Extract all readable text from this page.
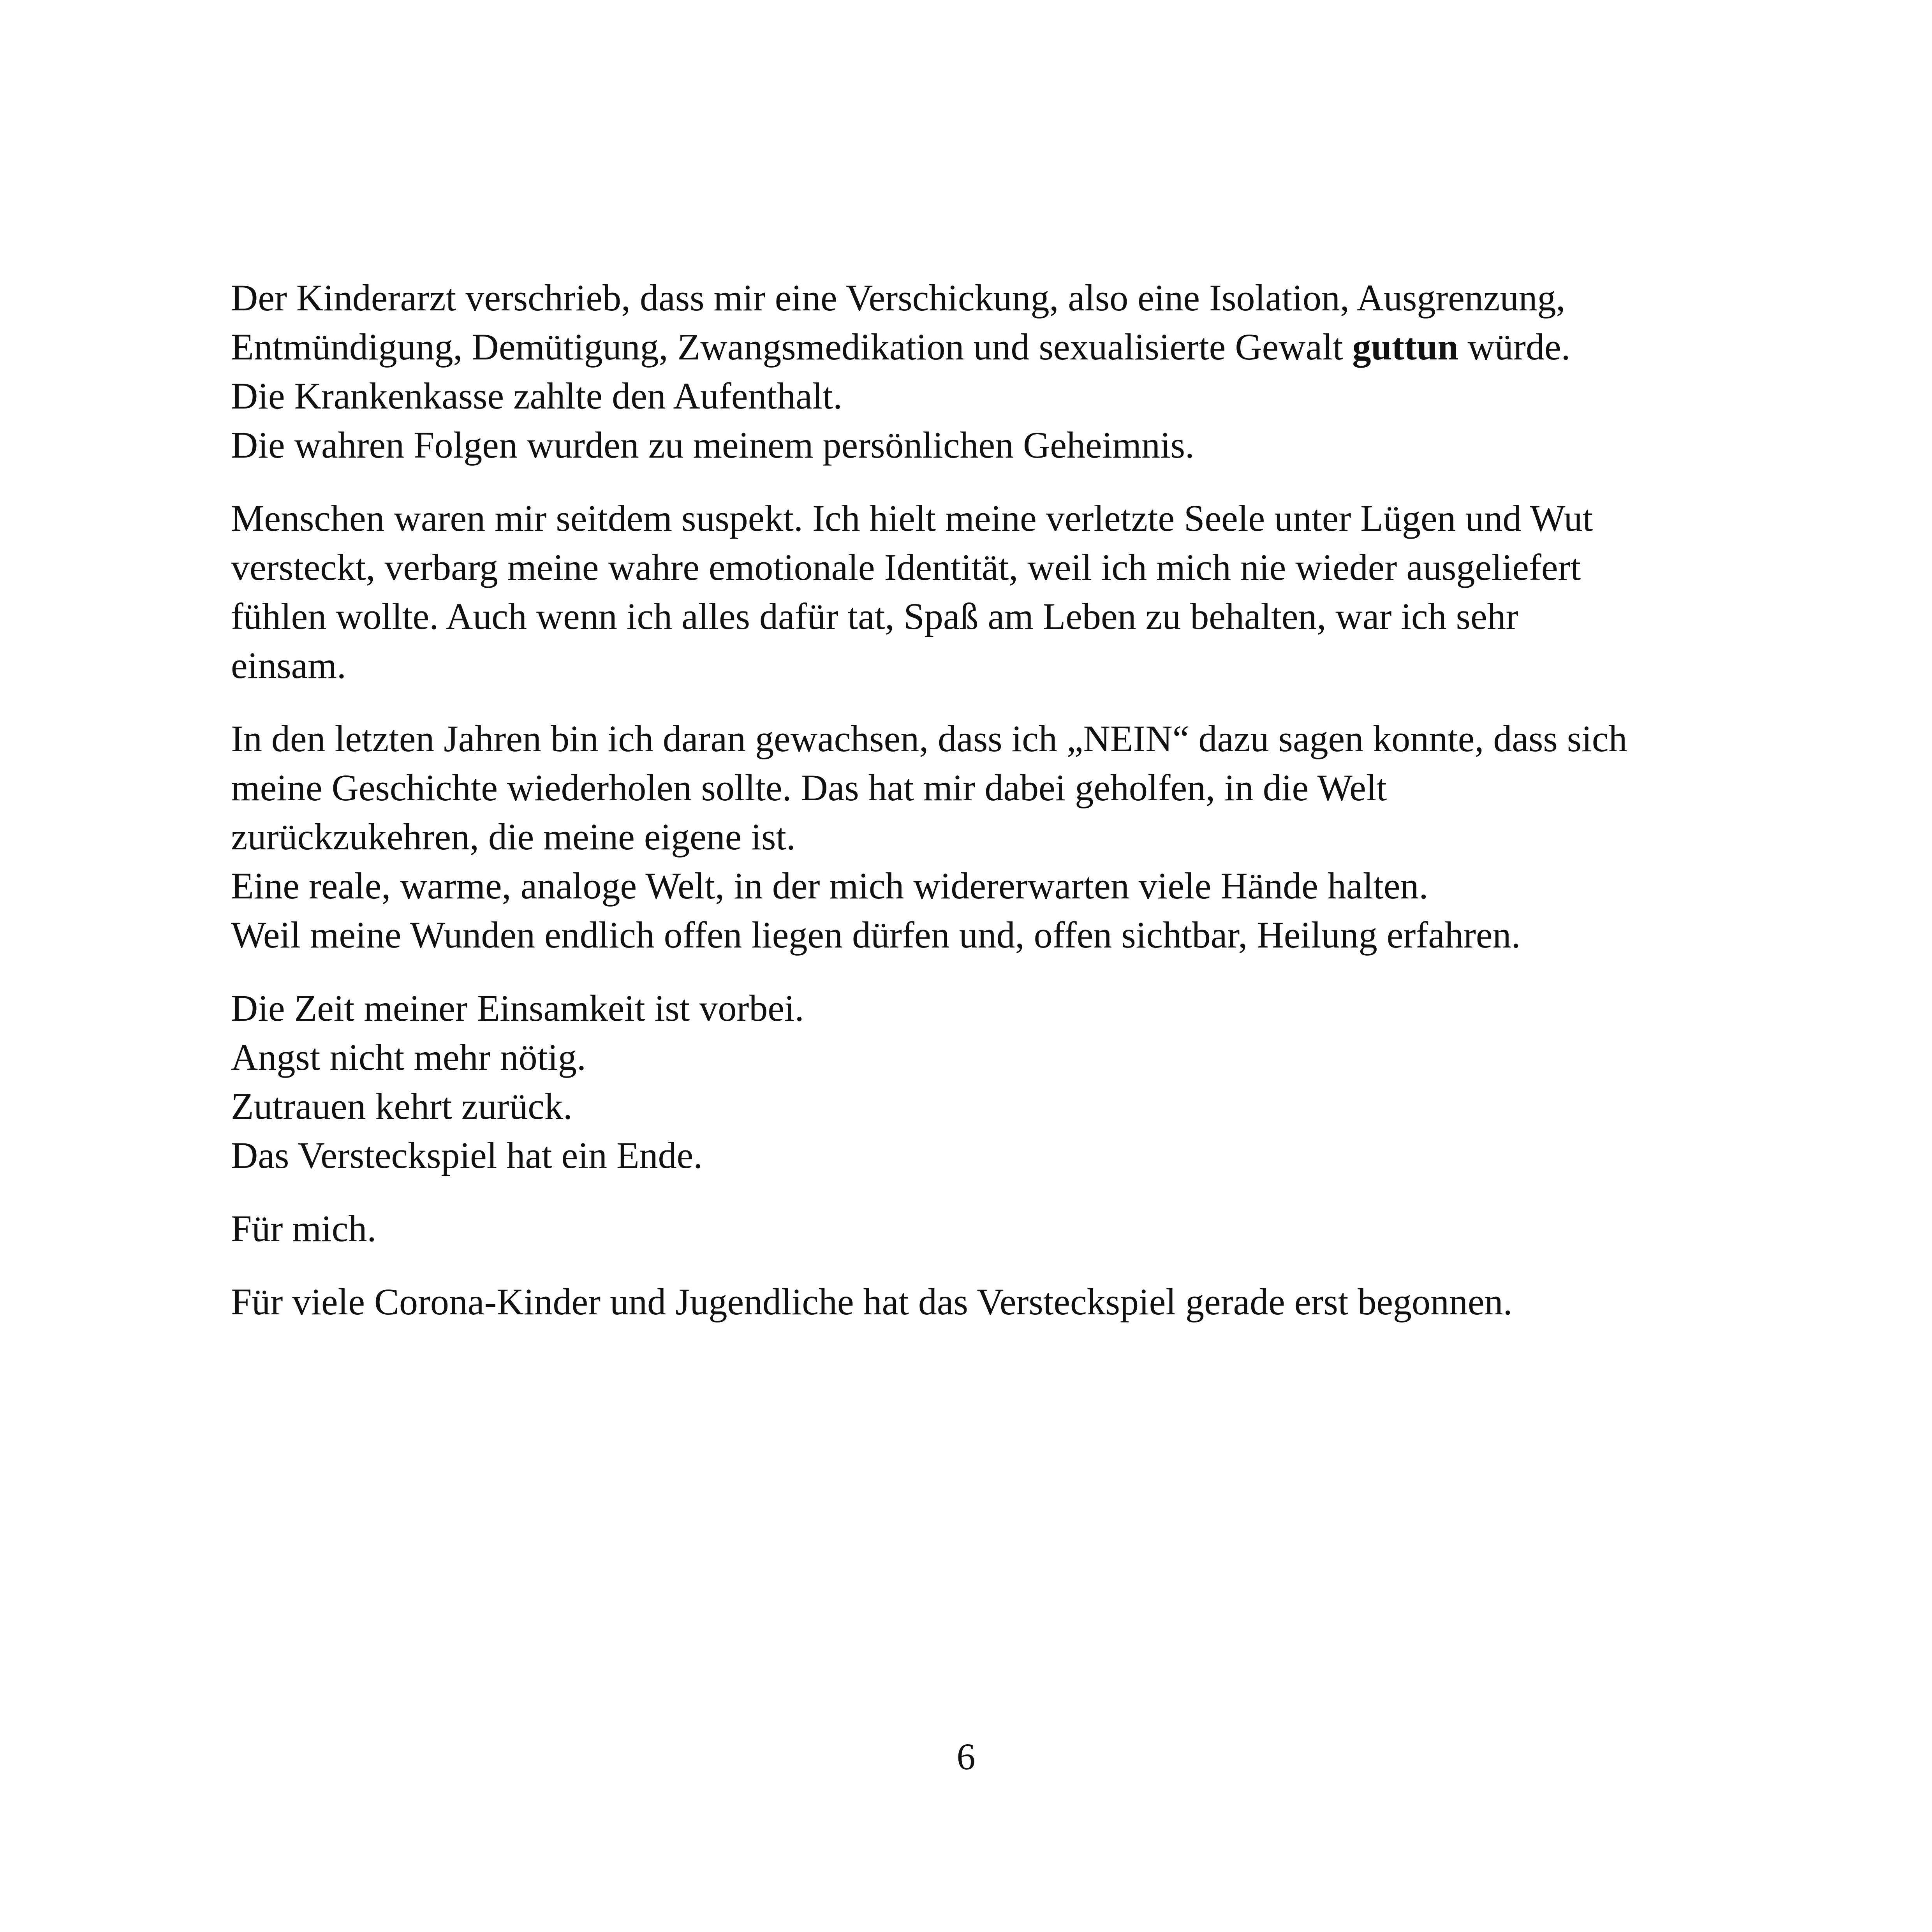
Der Kinderarzt verschrieb, dass mir eine Verschickung, also eine Isolation, Ausgrenzung,
Entmündigung, Demütigung, Zwangsmedikation und sexualisierte Gewalt guttun würde.
Die Krankenkasse zahlte den Aufenthalt.
Die wahren Folgen wurden zu meinem persönlichen Geheimnis.

Menschen waren mir seitdem suspekt. Ich hielt meine verletzte Seele unter Lügen und Wut
versteckt, verbarg meine wahre emotionale Identität, weil ich mich nie wieder ausgeliefert
fühlen wollte. Auch wenn ich alles dafür tat, Spaß am Leben zu behalten, war ich sehr
einsam.

In den letzten Jahren bin ich daran gewachsen, dass ich „NEIN“ dazu sagen konnte, dass sich
meine Geschichte wiederholen sollte. Das hat mir dabei geholfen, in die Welt
zurückzukehren, die meine eigene ist.
Eine reale, warme, analoge Welt, in der mich widererwarten viele Hände halten.
Weil meine Wunden endlich offen liegen dürfen und, offen sichtbar, Heilung erfahren.

Die Zeit meiner Einsamkeit ist vorbei.
Angst nicht mehr nötig.
Zutrauen kehrt zurück.
Das Versteckspiel hat ein Ende.

Für mich.

Für viele Corona-Kinder und Jugendliche hat das Versteckspiel gerade erst begonnen.

6
